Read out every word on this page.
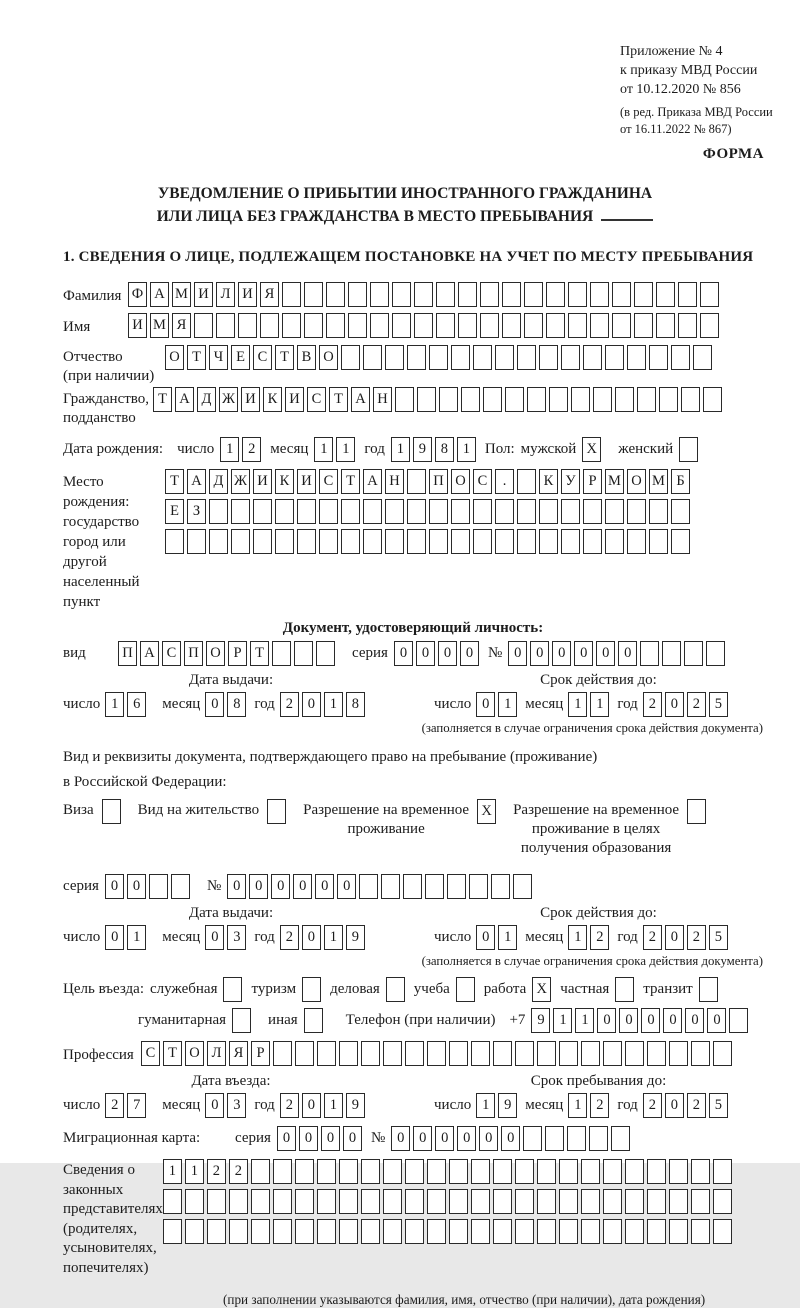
Приложение № 4
к приказу МВД России
от 10.12.2020 № 856
(в ред. Приказа МВД России
от 16.11.2022 № 867)
ФОРМА
УВЕДОМЛЕНИЕ О ПРИБЫТИИ ИНОСТРАННОГО ГРАЖДАНИНА
ИЛИ ЛИЦА БЕЗ ГРАЖДАНСТВА В МЕСТО ПРЕБЫВАНИЯ
1. СВЕДЕНИЯ О ЛИЦЕ, ПОДЛЕЖАЩЕМ ПОСТАНОВКЕ НА УЧЕТ ПО МЕСТУ ПРЕБЫВАНИЯ
Фамилия Ф А М И Л И Я
Имя	И М Я
Отчество
(при наличии)
О Т Ч Е С Т В О
Гражданство,
подданство
Т А Д Ж И К И С Т А Н
Дата рождения: число 1	2 месяц 1	1 год 1	9	8	1 Пол: мужской X женский
Место рождения:
государство
город или другой
населенный пункт
Т А Д Ж И К И С Т А Н П О С	.	К У Р М О М Б
Е З
Документ, удостоверяющий личность:
вид	П А С П О Р Т	серия 0	0	0	0 № 0	0	0	0	0	0
Дата выдачи:
число 1	6	месяц 0	8 год 2	0	1	8
Срок действия до:
число 0	1 месяц 1	1 год 2	0	2	5
(заполняется в случае ограничения срока действия документа)
Вид и реквизиты документа, подтверждающего право на пребывание (проживание)
в Российской Федерации:
Виза	Вид на жительство	Разрешение на временное
проживание
X Разрешение на временное
проживание в целях
получения образования
серия 0	0	№ 0	0	0	0	0	0
Дата выдачи:
число 0	1	месяц 0	3 год 2	0	1	9
Срок действия до:
число 0	1 месяц 1	2 год 2	0	2	5
(заполняется в случае ограничения срока действия документа)
Цель въезда: служебная туризм деловая учеба работа X частная транзит
гуманитарная	иная	Телефон (при наличии) +7 9	1	1	0	0	0	0	0	0
Профессия С Т О Л Я Р
Дата въезда:
число 2	7	месяц 0	3 год 2	0	1	9
Срок пребывания до:
число 1	9 месяц 1	2 год 2	0	2	5
Миграционная карта:	серия 0	0	0	0 № 0	0	0	0	0	0
Сведения о
законных
представителях
(родителях,
усыновителях,
попечителях)
1	1	2	2
(при заполнении указываются фамилия, имя, отчество (при наличии), дата рождения)
